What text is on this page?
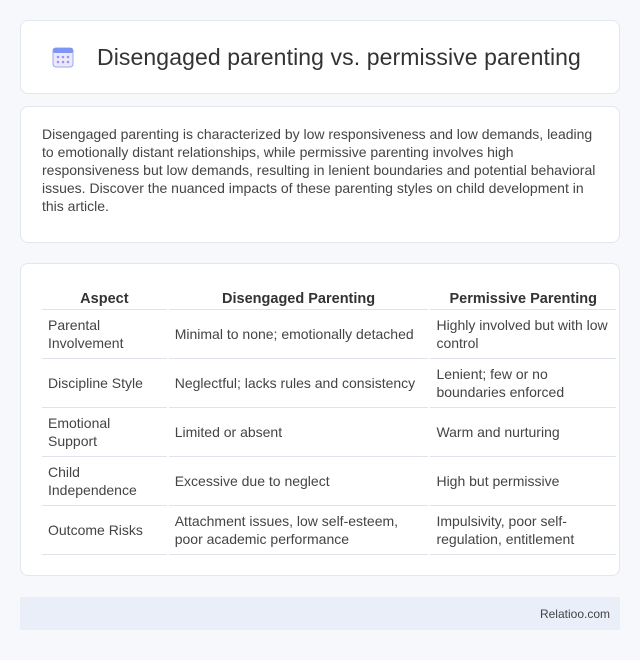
Disengaged parenting vs. permissive parenting

Disengaged parenting is characterized by low responsiveness and low demands, leading to emotionally distant relationships, while permissive parenting involves high responsiveness but low demands, resulting in lenient boundaries and potential behavioral issues. Discover the nuanced impacts of these parenting styles on child development in this article.

Aspect	Disengaged Parenting	Permissive Parenting
Parental Involvement	Minimal to none; emotionally detached	Highly involved but with low control
Discipline Style	Neglectful; lacks rules and consistency	Lenient; few or no boundaries enforced
Emotional Support	Limited or absent	Warm and nurturing
Child Independence	Excessive due to neglect	High but permissive
Outcome Risks	Attachment issues, low self-esteem, poor academic performance	Impulsivity, poor self-regulation, entitlement
Relatioo.com
